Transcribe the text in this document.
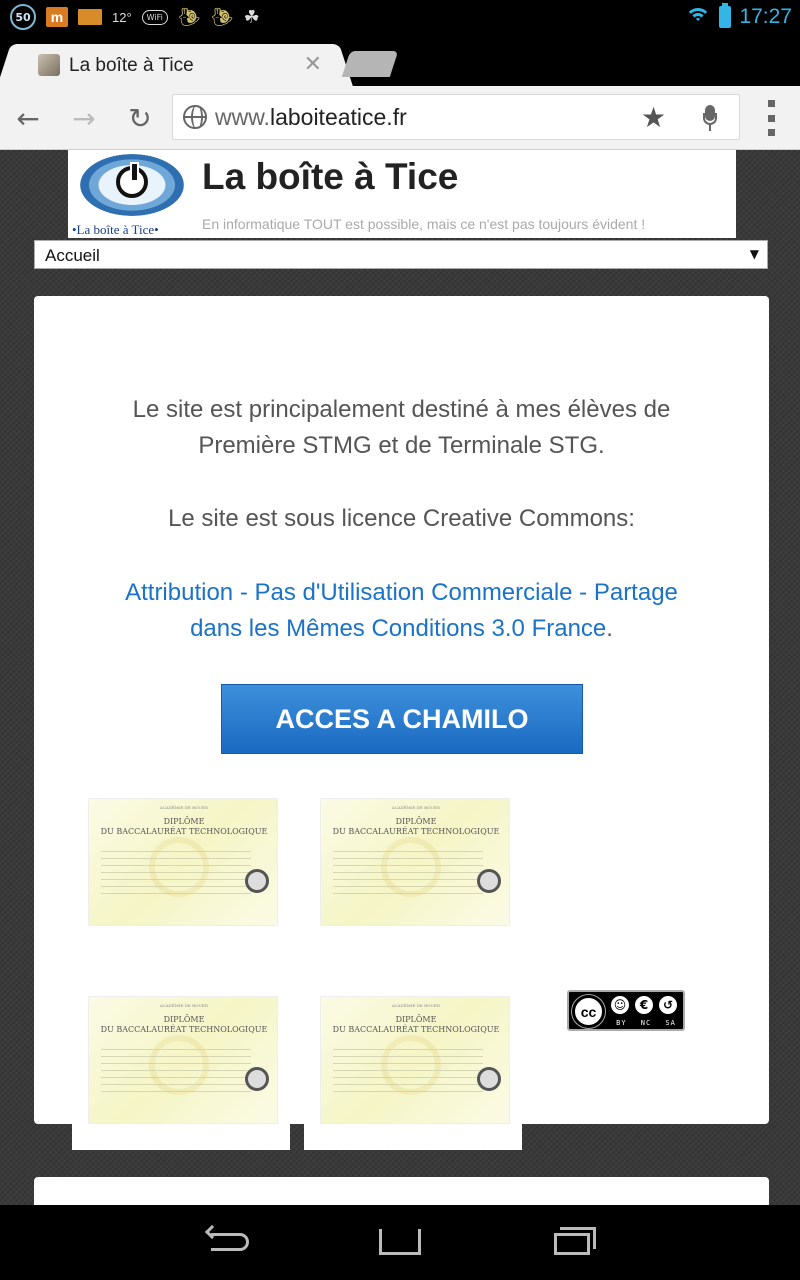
50	m	12°	WiFi 🐌︎ 🐌︎ ☘	17:27
La boîte à Tice	✕
← → ↻	www.laboiteatice.fr	★
•La boîte à Tice•
La boîte à Tice
En informatique TOUT est possible, mais ce n'est pas toujours évident !
Accueil	▼
Le site est principalement destiné à mes élèves de
Première STMG et de Terminale STG.
Le site est sous licence Creative Commons:
Attribution - Pas d'Utilisation Commerciale - Partage
dans les Mêmes Conditions 3.0 France.
ACCES A CHAMILO
ACADÉMIE DE ROUEN
DIPLÔME
DU BACCALAURÉAT TECHNOLOGIQUE
ACADÉMIE DE ROUEN
DIPLÔME
DU BACCALAURÉAT TECHNOLOGIQUE
ACADÉMIE DE ROUEN
DIPLÔME
DU BACCALAURÉAT TECHNOLOGIQUE
ACADÉMIE DE ROUEN
DIPLÔME
DU BACCALAURÉAT TECHNOLOGIQUE
cc	☺	€	↺
BY NC SA
